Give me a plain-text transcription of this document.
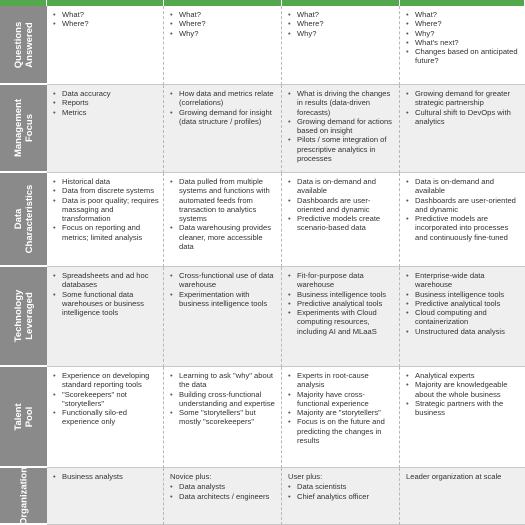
Questions
Answered
• What?
• Where?
• What?
• Where?
• Why?
• What?
• Where?
• Why?
• What?
• Where?
• Why?
• What's next?
• Changes based on anticipated future?
Management
Focus
• Data accuracy
• Reports
• Metrics
• How data and metrics relate (correlations)
• Growing demand for insight (data structure / profiles)
• What is driving the changes in results (data-driven forecasts)
• Growing demand for actions based on insight
• Pilots / some integration of prescriptive analytics in processes
• Growing demand for greater strategic partnership
• Cultural shift to DevOps with analytics
Data
Characteristics
• Historical data
• Data from discrete systems
• Data is poor quality; requires massaging and transformation
• Focus on reporting and metrics; limited analysis
• Data pulled from multiple systems and functions with automated feeds from transaction to analytics systems
• Data warehousing provides cleaner, more accessible data
• Data is on-demand and available
• Dashboards are user-oriented and dynamic
• Predictive models create scenario-based data
• Data is on-demand and available
• Dashboards are user-oriented and dynamic
• Predictive models are incorporated into processes and continuously fine-tuned
Technology
Leveraged
• Spreadsheets and ad hoc databases
• Some functional data warehouses or business intelligence tools
• Cross-functional use of data warehouse
• Experimentation with business intelligence tools
• Fit-for-purpose data warehouse
• Business intelligence tools
• Predictive analytical tools
• Experiments with Cloud computing resources, including AI and MLaaS
• Enterprise-wide data warehouse
• Business intelligence tools
• Predictive analytical tools
• Cloud computing and containerization
• Unstructured data analysis
Talent
Pool
• Experience on developing standard reporting tools
• "Scorekeepers" not "storytellers"
• Functionally silo-ed experience only
• Learning to ask "why" about the data
• Building cross-functional understanding and expertise
• Some "storytellers" but mostly "scorekeepers"
• Experts in root-cause analysis
• Majority have cross-functional experience
• Majority are "storytellers"
• Focus is on the future and predicting the changes in results
• Analytical experts
• Majority are knowledgeable about the whole business
• Strategic partners with the business
Organization
•	Business analysts	Novice plus:
• Data analysts
• Data architects / engineers
User plus:
• Data scientists
• Chief analytics officer
Leader organization at scale
